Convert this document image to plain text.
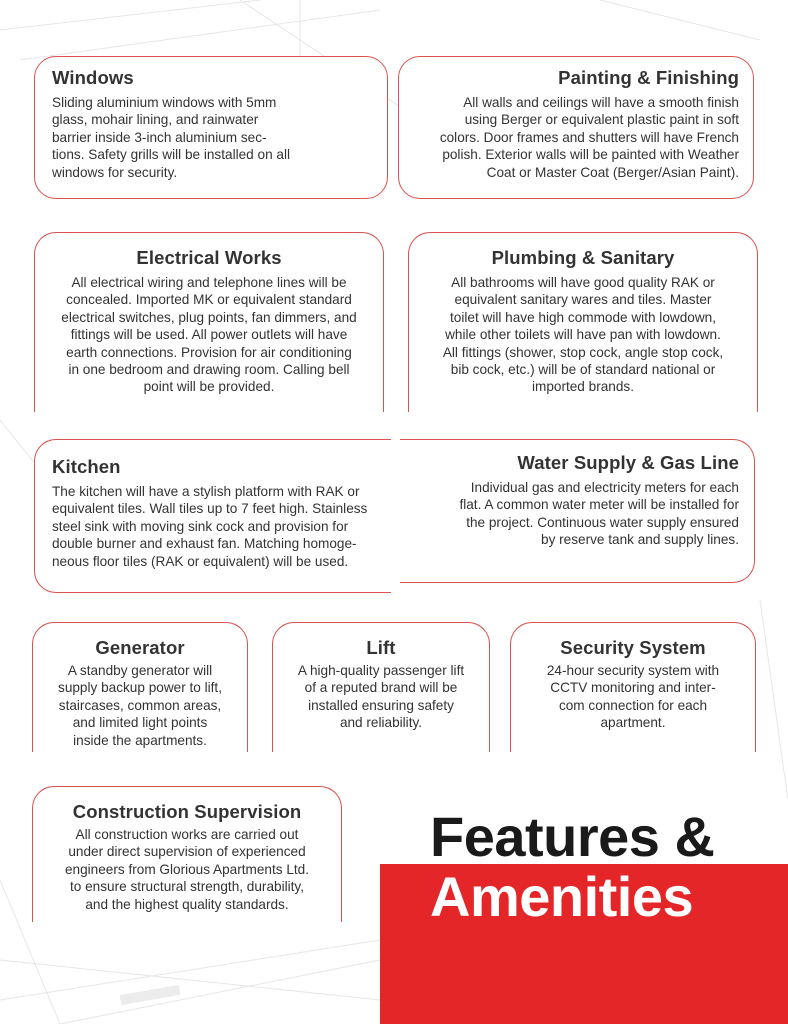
Windows

Sliding aluminium windows with 5mm
glass, mohair lining, and rainwater
barrier inside 3-inch aluminium sec-
tions. Safety grills will be installed on all
windows for security.

Painting & Finishing

All walls and ceilings will have a smooth finish
using Berger or equivalent plastic paint in soft
colors. Door frames and shutters will have French
polish. Exterior walls will be painted with Weather
Coat or Master Coat (Berger/Asian Paint).

Electrical Works

All electrical wiring and telephone lines will be
concealed. Imported MK or equivalent standard
electrical switches, plug points, fan dimmers, and
fittings will be used. All power outlets will have
earth connections. Provision for air conditioning
in one bedroom and drawing room. Calling bell
point will be provided.

Plumbing & Sanitary

All bathrooms will have good quality RAK or
equivalent sanitary wares and tiles. Master
toilet will have high commode with lowdown,
while other toilets will have pan with lowdown.
All fittings (shower, stop cock, angle stop cock,
bib cock, etc.) will be of standard national or
imported brands.

Kitchen

The kitchen will have a stylish platform with RAK or
equivalent tiles. Wall tiles up to 7 feet high. Stainless
steel sink with moving sink cock and provision for
double burner and exhaust fan. Matching homoge-
neous floor tiles (RAK or equivalent) will be used.

Water Supply & Gas Line

Individual gas and electricity meters for each
flat. A common water meter will be installed for
the project. Continuous water supply ensured
by reserve tank and supply lines.

Generator

A standby generator will
supply backup power to lift,
staircases, common areas,
and limited light points
inside the apartments.

Lift

A high-quality passenger lift
of a reputed brand will be
installed ensuring safety
and reliability.

Security System

24-hour security system with
CCTV monitoring and inter-
com connection for each
apartment.

Construction Supervision

All construction works are carried out
under direct supervision of experienced
engineers from Glorious Apartments Ltd.
to ensure structural strength, durability,
and the highest quality standards.

Features &
Amenities
